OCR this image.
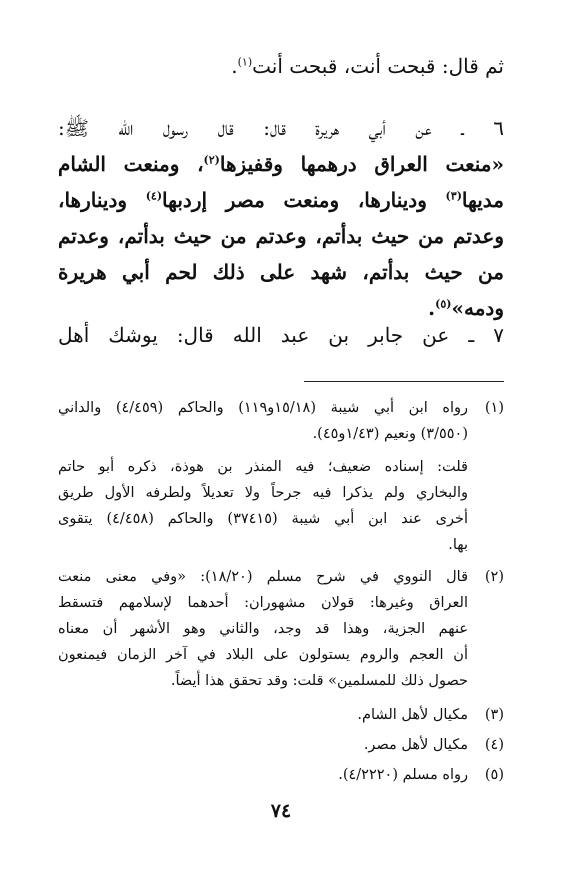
ثم قال: قبحت أنت، قبحت أنت$^{(١)}$.
٦ ـ عن أبي هريرة قال: قال رسول الله ﷺ:
«منعت العراق درهمها وقفيزها$^{(٢)}$، ومنعت الشام
مديها$^{(٣)}$ ودينارها، ومنعت مصر إردبها$^{(٤)}$ ودينارها،
وعدتم من حيث بدأتم، وعدتم من حيث بدأتم، وعدتم
من حيث بدأتم، شهد على ذلك لحم أبي هريرة
ودمه»$^{(٥)}$.
٧ ـ عن جابر بن عبد الله قال: يوشك أهل
(١)
رواه ابن أبي شيبة (١٥/١٨و١١٩) والحاكم (٤/٤٥٩) والداني
(٣/٥٥٠) ونعيم (١/٤٣و٤٥).
قلت: إسناده ضعيف؛ فيه المنذر بن هوذة، ذكره أبو حاتم
والبخاري ولم يذكرا فيه جرحاً ولا تعديلاً ولطرفه الأول طريق
أخرى عند ابن أبي شيبة (٣٧٤١٥) والحاكم (٤/٤٥٨) يتقوى
بها.
(٢)
قال النووي في شرح مسلم (١٨/٢٠): «وفي معنى منعت
العراق وغيرها: قولان مشهوران: أحدهما لإسلامهم فتسقط
عنهم الجزية، وهذا قد وجد، والثاني وهو الأشهر أن معناه
أن العجم والروم يستولون على البلاد في آخر الزمان فيمنعون
حصول ذلك للمسلمين» قلت: وقد تحقق هذا أيضاً.
(٣)
مكيال لأهل الشام.
(٤)
مكيال لأهل مصر.
(٥)
رواه مسلم (٤/٢٢٢٠).
٧٤
